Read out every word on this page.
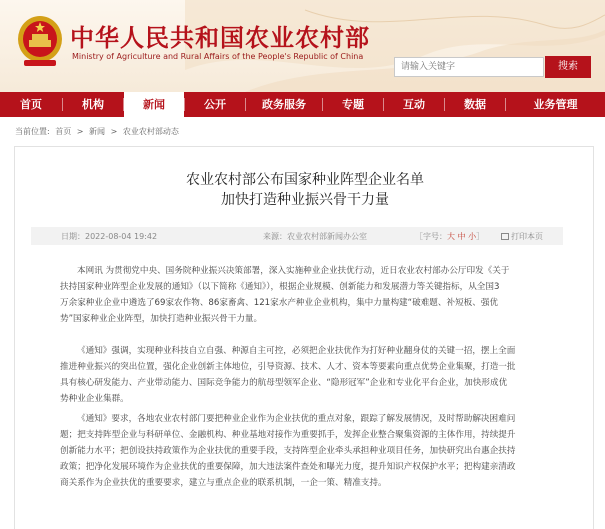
中华人民共和国农业农村部
Ministry of Agriculture and Rural Affairs of the People's Republic of China
请输入关键字
搜索
首页	机构	新闻	公开	政务服务	专题	互动	数据	业务管理
当前位置: 首页 > 新闻 > 农业农村部动态
农业农村部公布国家种业阵型企业名单
加快打造种业振兴骨干力量
日期：2022-08-04 19:42	来源：农业农村部新闻办公室	［字号：大 中 小］	打印本页
本网讯 为贯彻党中央、国务院种业振兴决策部署，深入实施种业企业扶优行动，近日农业农村部办公厅印发《关于
扶持国家种业阵型企业发展的通知》（以下简称《通知》），根据企业规模、创新能力和发展潜力等关键指标，从全国3
万余家种业企业中遴选了69家农作物、86家畜禽、121家水产种业企业机构，集中力量构建“破难题、补短板、强优
势”国家种业企业阵型，加快打造种业振兴骨干力量。
《通知》强调，实现种业科技自立自强、种源自主可控，必须把企业扶优作为打好种业翻身仗的关键一招，摆上全面
推进种业振兴的突出位置，强化企业创新主体地位，引导资源、技术、人才、资本等要素向重点优势企业集聚，打造一批
具有核心研发能力、产业带动能力、国际竞争能力的航母型领军企业、“隐形冠军”企业和专业化平台企业，加快形成优
势种业企业集群。
《通知》要求，各地农业农村部门要把种业企业作为企业扶优的重点对象，跟踪了解发展情况，及时帮助解决困难问
题；把支持阵型企业与科研单位、金融机构、种业基地对接作为重要抓手，发挥企业整合聚集资源的主体作用，持续提升
创新能力水平；把创设扶持政策作为企业扶优的重要手段，支持阵型企业牵头承担种业项目任务，加快研究出台惠企扶持
政策；把净化发展环境作为企业扶优的重要保障，加大违法案件查处和曝光力度，提升知识产权保护水平；把构建亲清政
商关系作为企业扶优的重要要求，建立与重点企业的联系机制，一企一策、精准支持。
